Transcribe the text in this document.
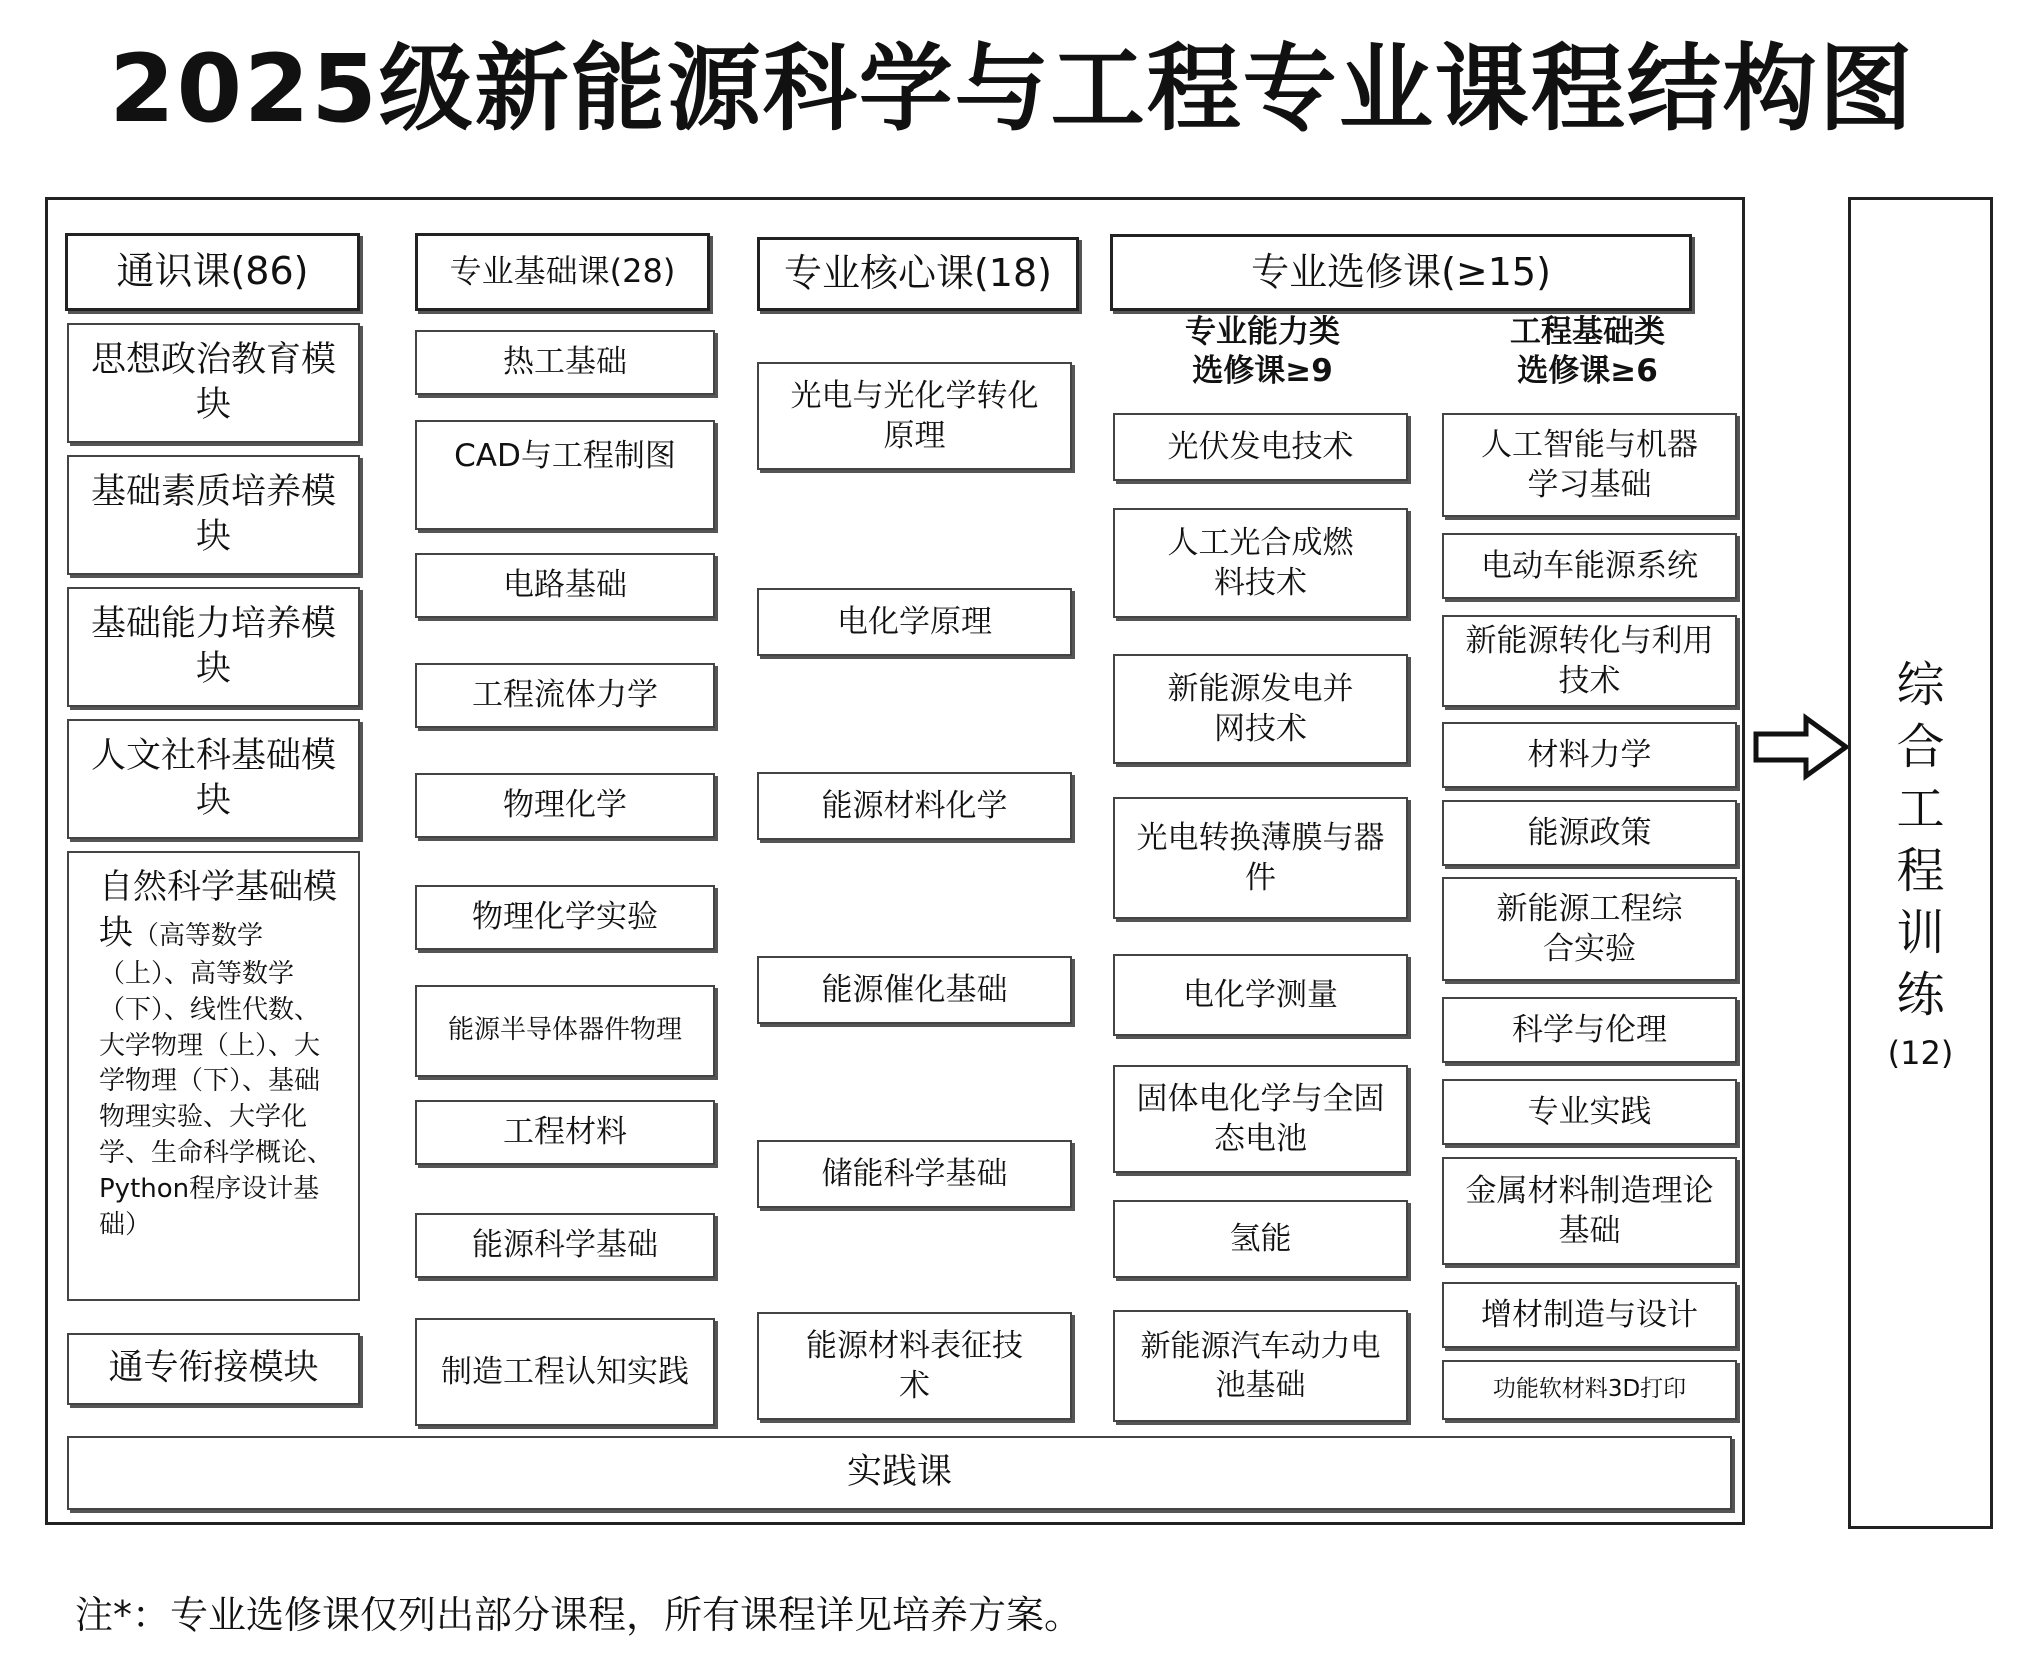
2025级新能源科学与工程专业课程结构图
通识课(86)
思想政治教育模块
基础素质培养模块
基础能力培养模块
人文社科基础模块
自然科学基础模块（高等数学（上）、高等数学（下）、线性代数、大学物理（上）、大学物理（下）、基础物理实验、大学化学、生命科学概论、Python程序设计基础）
通专衔接模块
专业基础课(28)
热工基础
CAD与工程制图
电路基础
工程流体力学
物理化学
物理化学实验
能源半导体器件物理
工程材料
能源科学基础
制造工程认知实践
专业核心课(18)
光电与光化学转化原理
电化学原理
能源材料化学
能源催化基础
储能科学基础
能源材料表征技术
专业选修课(≥15)
专业能力类
选修课≥9
工程基础类
选修课≥6
光伏发电技术
人工光合成燃料技术
新能源发电并网技术
光电转换薄膜与器件
电化学测量
固体电化学与全固态电池
氢能
新能源汽车动力电池基础
人工智能与机器学习基础
电动车能源系统
新能源转化与利用技术
材料力学
能源政策
新能源工程综合实验
科学与伦理
专业实践
金属材料制造理论基础
增材制造与设计
功能软材料3D打印
实践课
综合工程训练
(12)
注*：专业选修课仅列出部分课程，所有课程详见培养方案。
